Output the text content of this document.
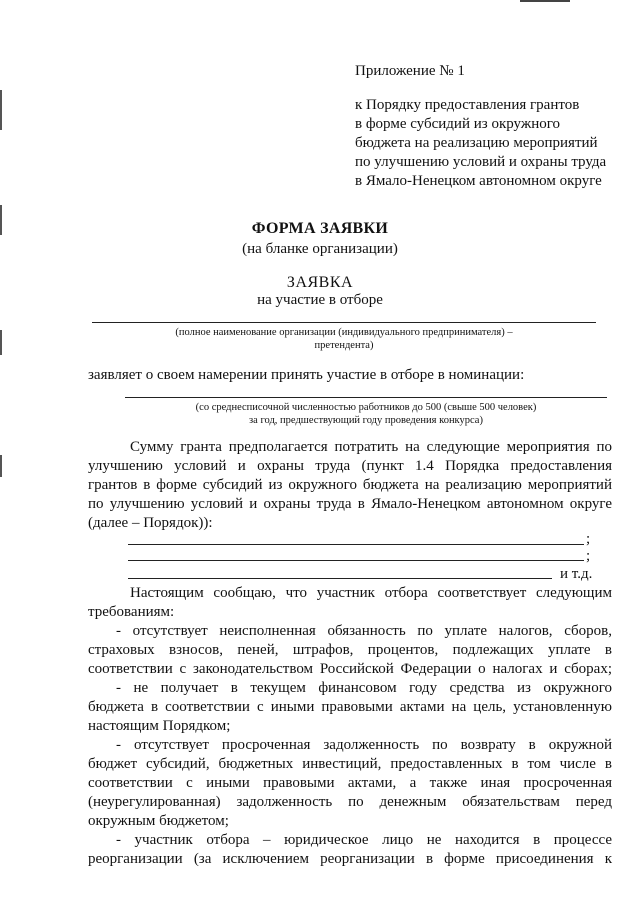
Приложение № 1
к Порядку предоставления грантов
в форме субсидий из окружного
бюджета на реализацию мероприятий
по улучшению условий и охраны труда
в Ямало-Ненецком автономном округе
ФОРМА ЗАЯВКИ
(на бланке организации)
ЗАЯВКА
на участие в отборе
(полное наименование организации (индивидуального предпринимателя) –
претендента)
заявляет о своем намерении принять участие в отборе в номинации:
(со среднесписочной численностью работников до 500 (свыше 500 человек)
за год, предшествующий году проведения конкурса)
Сумму гранта предполагается потратить на следующие мероприятия по
улучшению условий и охраны труда (пункт 1.4 Порядка предоставления
грантов в форме субсидий из окружного бюджета на реализацию мероприятий
по улучшению условий и охраны труда в Ямало-Ненецком автономном округе
(далее – Порядок)):
;
;
и т.д.
Настоящим сообщаю, что участник отбора соответствует следующим
требованиям:
- отсутствует неисполненная обязанность по уплате налогов, сборов,
страховых взносов, пеней, штрафов, процентов, подлежащих уплате в
соответствии с законодательством Российской Федерации о налогах и сборах;
- не получает в текущем финансовом году средства из окружного
бюджета в соответствии с иными правовыми актами на цель, установленную
настоящим Порядком;
- отсутствует просроченная задолженность по возврату в окружной
бюджет субсидий, бюджетных инвестиций, предоставленных в том числе в
соответствии с иными правовыми актами, а также иная просроченная
(неурегулированная) задолженность по денежным обязательствам перед
окружным бюджетом;
- участник отбора – юридическое лицо не находится в процессе
реорганизации (за исключением реорганизации в форме присоединения к
